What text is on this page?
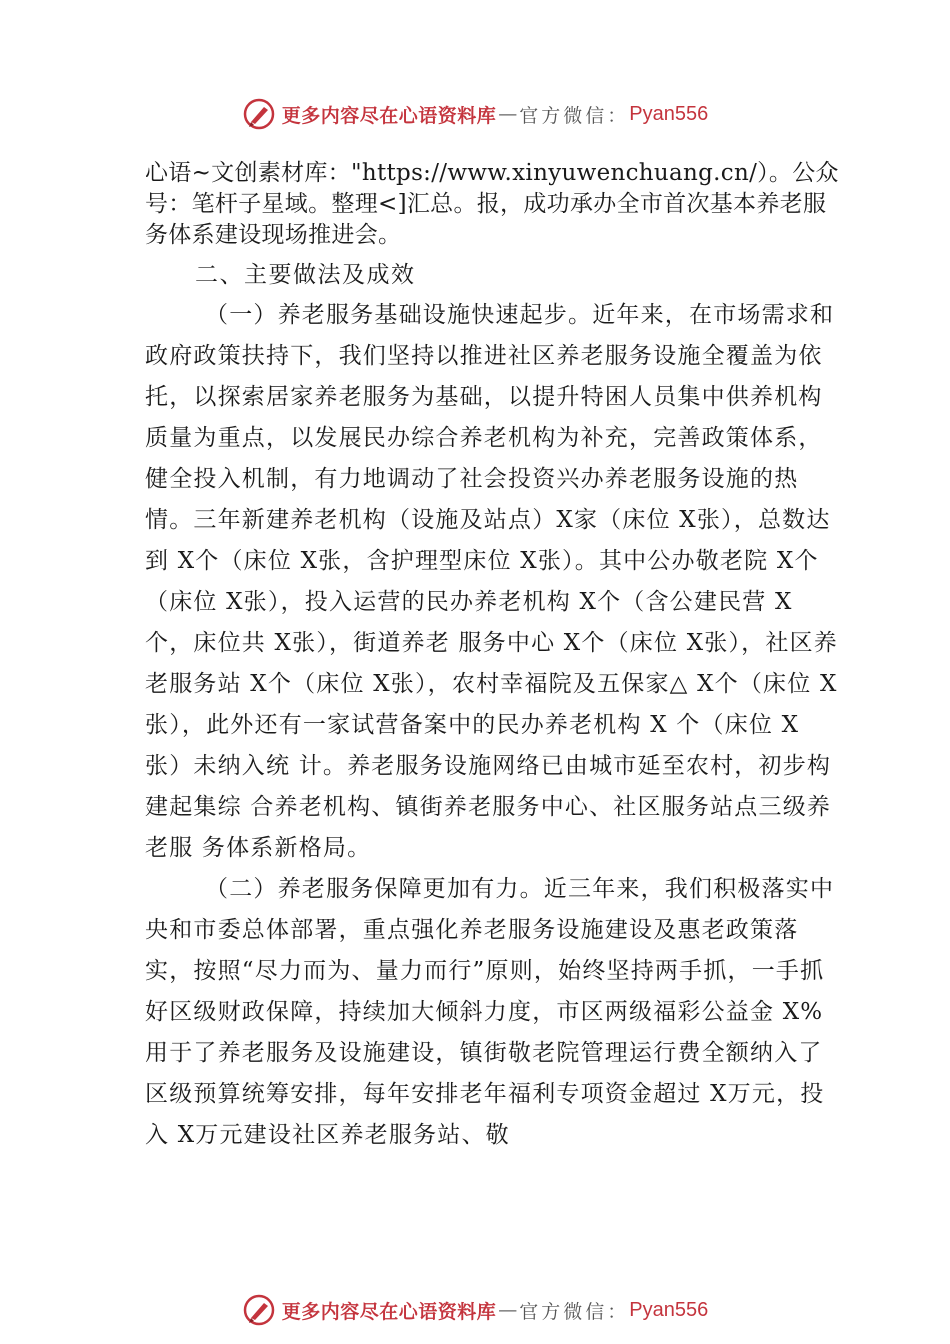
更多内容尽在心语资料库 — 官方微信： Pyan556

心语~文创素材库："https://www.xinyuwenchuang.cn/）。公众号：笔杆子星域。整理<]汇总。报，成功承办全市首次基本养老服务体系建设现场推进会。

二、主要做法及成效

（一）养老服务基础设施快速起步。近年来，在市场需求和政府政策扶持下，我们坚持以推进社区养老服务设施全覆盖为依托，以探索居家养老服务为基础，以提升特困人员集中供养机构质量为重点，以发展民办综合养老机构为补充，完善政策体系，健全投入机制，有力地调动了社会投资兴办养老服务设施的热情。三年新建养老机构（设施及站点）X家（床位 X张），总数达到 X个（床位 X张，含护理型床位 X张）。其中公办敬老院 X个（床位 X张），投入运营的民办养老机构 X个（含公建民营 X个，床位共 X张），街道养老 服务中心 X个（床位 X张），社区养老服务站 X个（床位 X张），农村幸福院及五保家△ X个（床位 X张），此外还有一家试营备案中的民办养老机构 X 个（床位 X 张）未纳入统 计。养老服务设施网络已由城市延至农村，初步构建起集综 合养老机构、镇街养老服务中心、社区服务站点三级养老服 务体系新格局。

（二）养老服务保障更加有力。近三年来，我们积极落实中央和市委总体部署，重点强化养老服务设施建设及惠老政策落实，按照“尽力而为、量力而行”原则，始终坚持两手抓，一手抓好区级财政保障，持续加大倾斜力度，市区两级福彩公益金 X%用于了养老服务及设施建设，镇街敬老院管理运行费全额纳入了区级预算统筹安排，每年安排老年福利专项资金超过 X万元，投入 X万元建设社区养老服务站、敬

更多内容尽在心语资料库 — 官方微信： Pyan556
